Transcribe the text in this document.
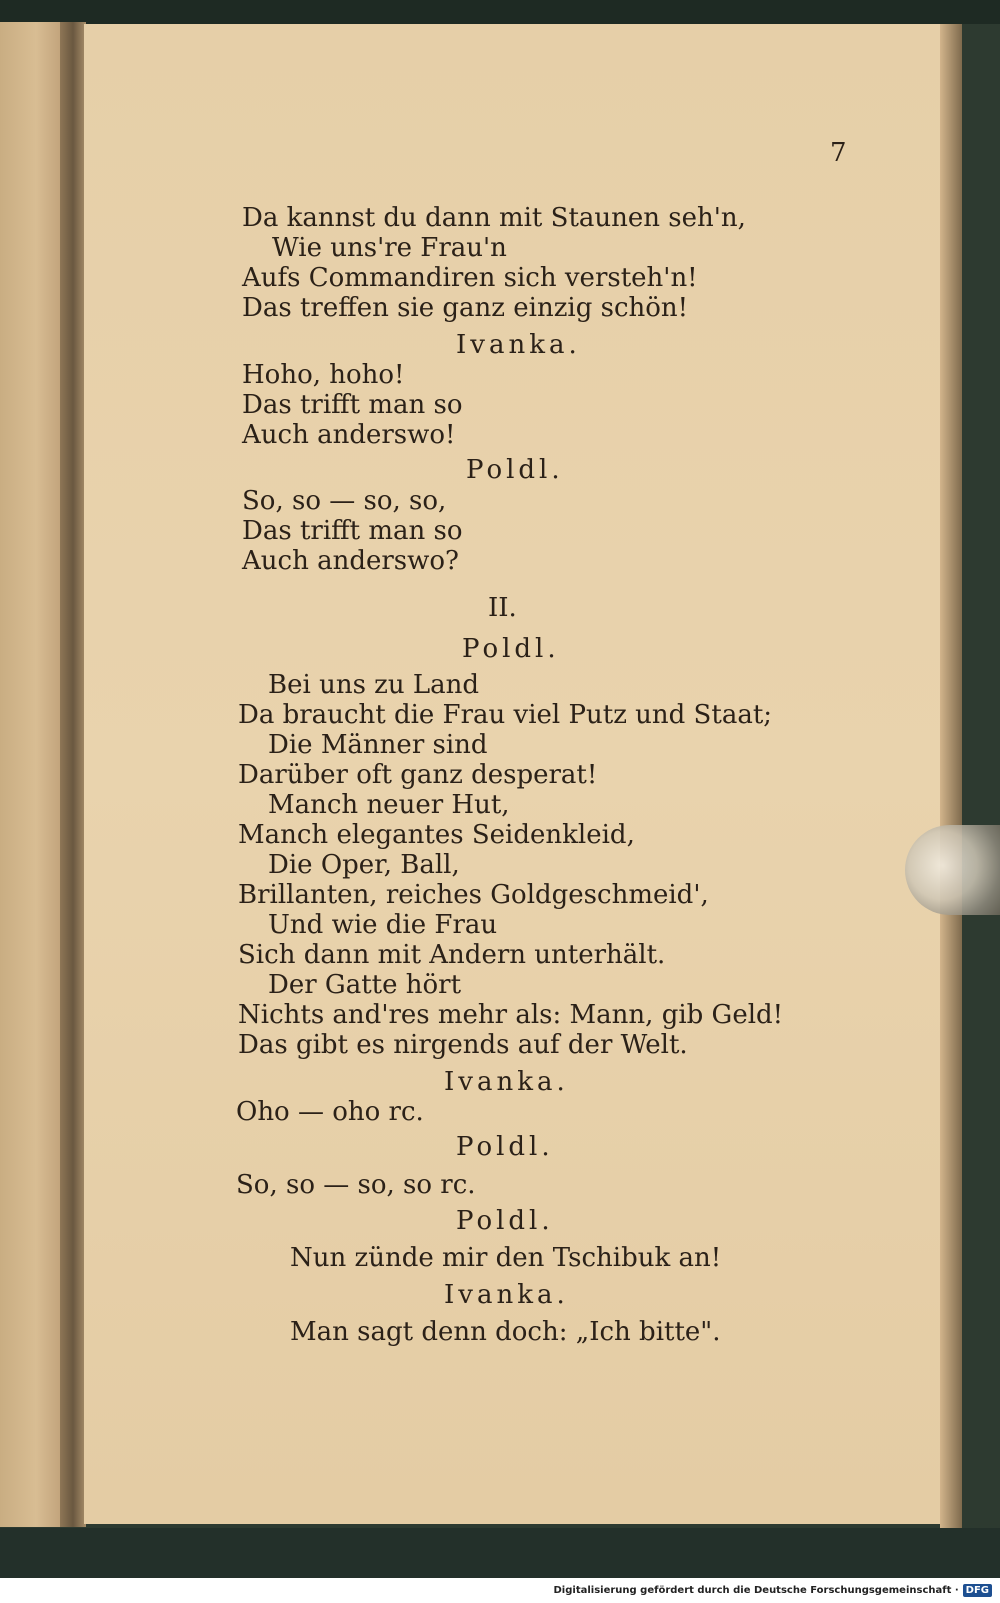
7
Da kannst du dann mit Staunen seh'n,
Wie uns're Frau'n
Aufs Commandiren sich versteh'n!
Das treffen sie ganz einzig schön!
Ivanka.
Hoho, hoho!
Das trifft man so
Auch anderswo!
Poldl.
So, so — so, so,
Das trifft man so
Auch anderswo?
II.
Poldl.
Bei uns zu Land
Da braucht die Frau viel Putz und Staat;
Die Männer sind
Darüber oft ganz desperat!
Manch neuer Hut,
Manch elegantes Seidenkleid,
Die Oper, Ball,
Brillanten, reiches Goldgeschmeid',
Und wie die Frau
Sich dann mit Andern unterhält.
Der Gatte hört
Nichts and'res mehr als: Mann, gib Geld!
Das gibt es nirgends auf der Welt.
Ivanka.
Oho — oho rc.
Poldl.
So, so — so, so rc.
Poldl.
Nun zünde mir den Tschibuk an!
Ivanka.
Man sagt denn doch: „Ich bitte".
Digitalisierung gefördert durch die Deutsche Forschungsgemeinschaft · DFG
